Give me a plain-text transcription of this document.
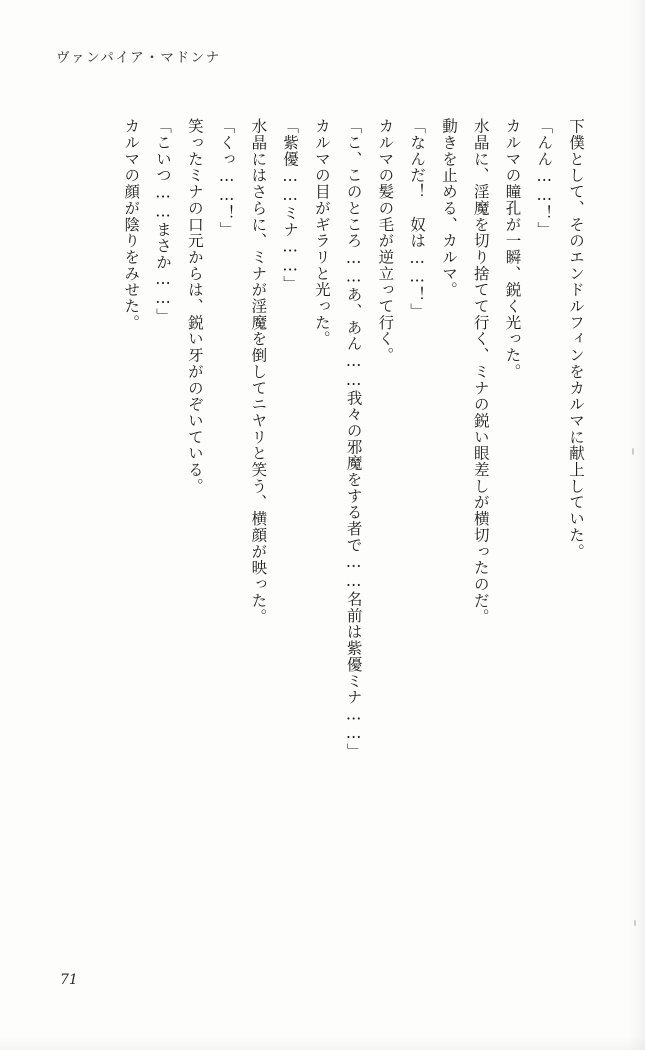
ヴァンパイア・マドンナ

下僕として、そのエンドルフィンをカルマに献上していた。

「んん……！」

カルマの瞳孔が一瞬、鋭く光った。

水晶に、淫魔を切り捨てて行く、ミナの鋭い眼差しが横切ったのだ。

動きを止める、カルマ。

「なんだ！　奴は……！」

カルマの髪の毛が逆立って行く。

「こ、このところ……あ、あん……我々の邪魔をする者で……名前は紫優ミナ……」

カルマの目がギラリと光った。

「紫優……ミナ……」

水晶にはさらに、ミナが淫魔を倒してニヤリと笑う、横顔が映った。

「くっ……！」

笑ったミナの口元からは、鋭い牙がのぞいている。

「こいつ……まさか……」

カルマの顔が陰りをみせた。

71
